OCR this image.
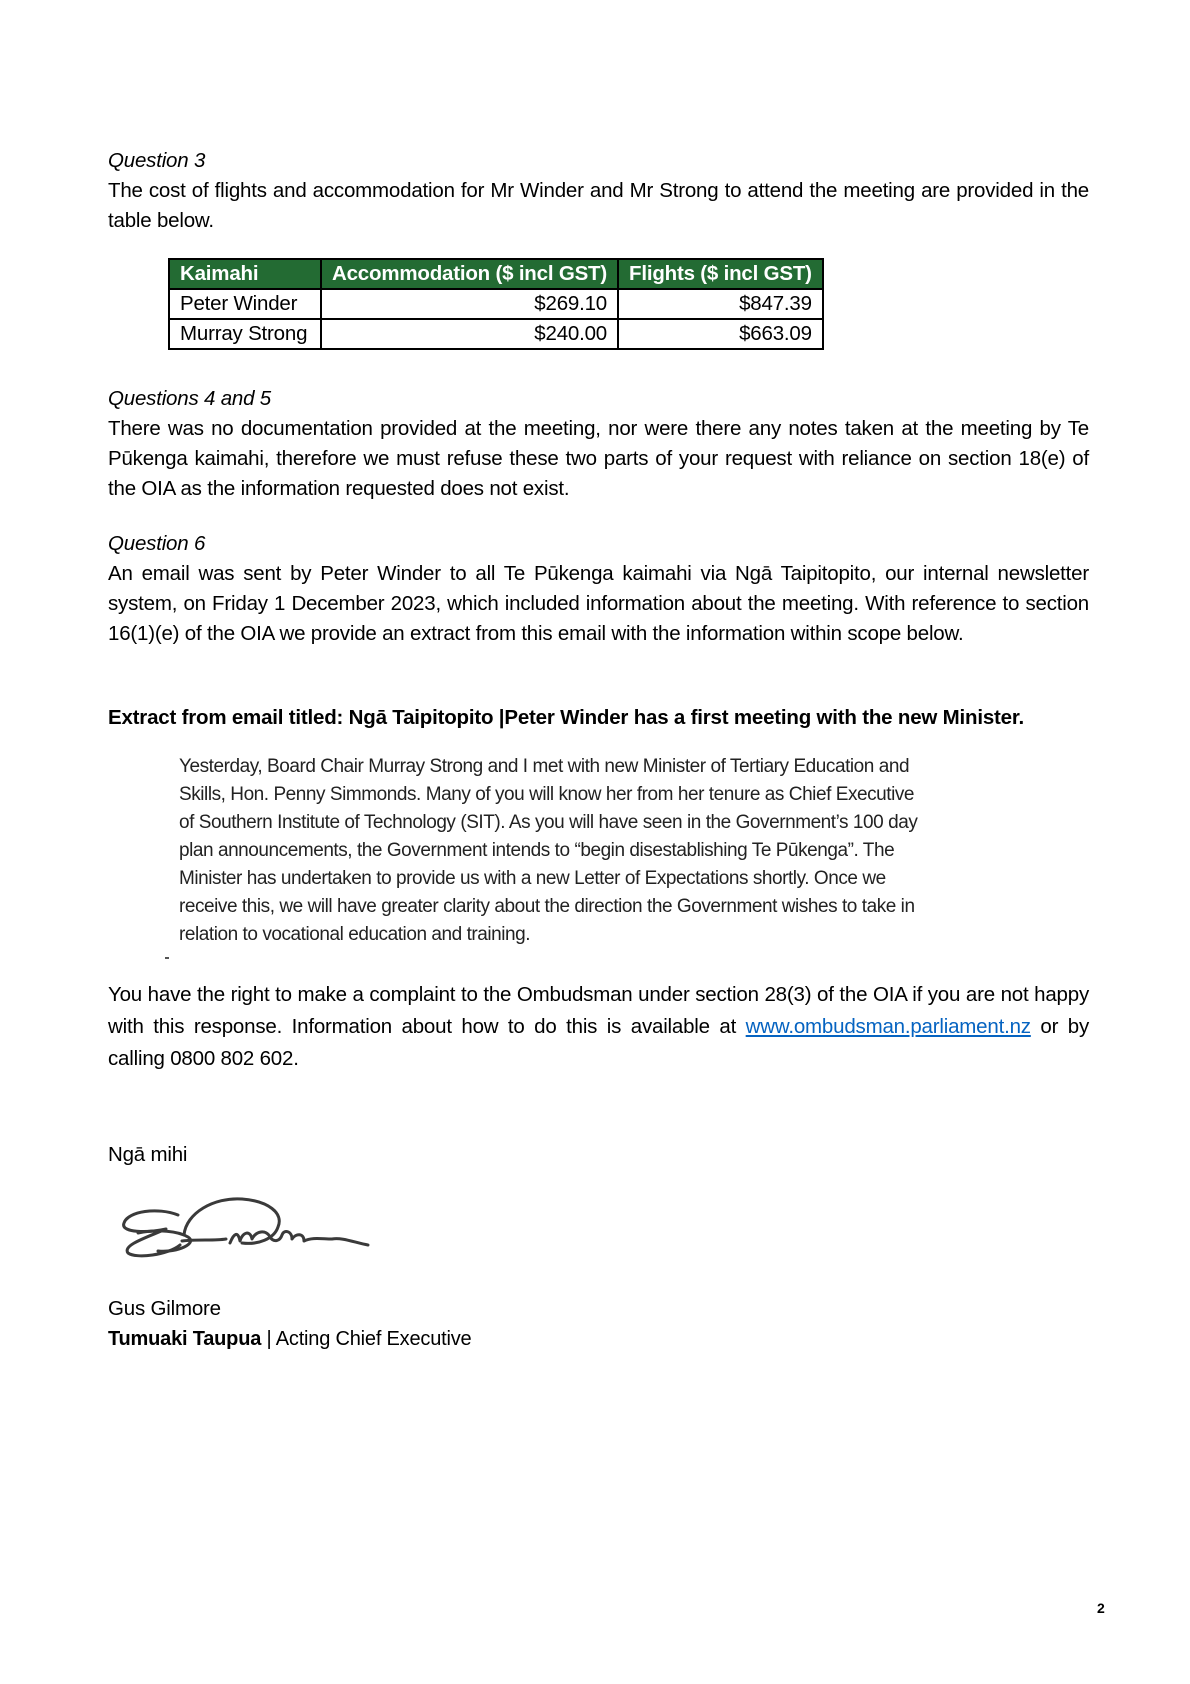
Question 3
The cost of flights and accommodation for Mr Winder and Mr Strong to attend the meeting are provided in the table below.
Kaimahi	Accommodation ($ incl GST)	Flights ($ incl GST)
Peter Winder	$269.10	$847.39
Murray Strong	$240.00	$663.09
Questions 4 and 5
There was no documentation provided at the meeting, nor were there any notes taken at the meeting by Te Pūkenga kaimahi, therefore we must refuse these two parts of your request with reliance on section 18(e) of the OIA as the information requested does not exist.
Question 6
An email was sent by Peter Winder to all Te Pūkenga kaimahi via Ngā Taipitopito, our internal newsletter system, on Friday 1 December 2023, which included information about the meeting. With reference to section 16(1)(e) of the OIA we provide an extract from this email with the information within scope below.
Extract from email titled: Ngā Taipitopito |Peter Winder has a first meeting with the new Minister.
Yesterday, Board Chair Murray Strong and I met with new Minister of Tertiary Education and
Skills, Hon. Penny Simmonds. Many of you will know her from her tenure as Chief Executive
of Southern Institute of Technology (SIT). As you will have seen in the Government’s 100 day
plan announcements, the Government intends to “begin disestablishing Te Pūkenga”. The
Minister has undertaken to provide us with a new Letter of Expectations shortly. Once we
receive this, we will have greater clarity about the direction the Government wishes to take in
relation to vocational education and training.
You have the right to make a complaint to the Ombudsman under section 28(3) of the OIA if you are not happy with this response. Information about how to do this is available at www.ombudsman.parliament.nz or by calling 0800 802 602.
Ngā mihi
Gus Gilmore
Tumuaki Taupua | Acting Chief Executive
2
